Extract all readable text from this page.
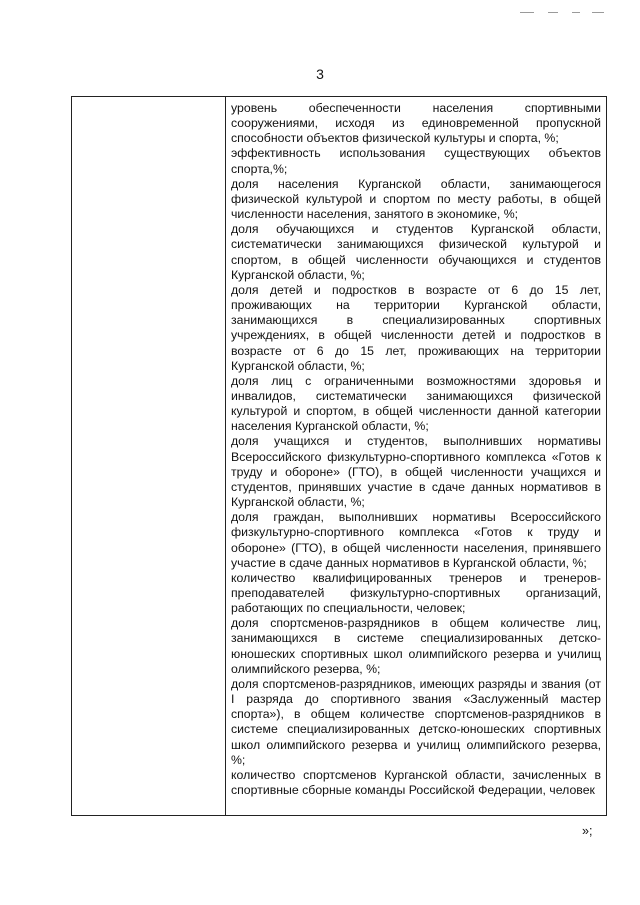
3

уровень обеспеченности населения спортивными сооружениями, исходя из единовременной пропускной способности объектов физической культуры и спорта, %;

эффективность использования существующих объектов спорта,%;

доля населения Курганской области, занимающегося физической культурой и спортом по месту работы, в общей численности населения, занятого в экономике, %;

доля обучающихся и студентов Курганской области, систематически занимающихся физической культурой и спортом, в общей численности обучающихся и студентов Курганской области, %;

доля детей и подростков в возрасте от 6 до 15 лет, проживающих на территории Курганской области, занимающихся в специализированных спортивных учреждениях, в общей численности детей и подростков в возрасте от 6 до 15 лет, проживающих на территории Курганской области, %;

доля лиц с ограниченными возможностями здоровья и инвалидов, систематически занимающихся физической культурой и спортом, в общей численности данной категории населения Курганской области, %;

доля учащихся и студентов, выполнивших нормативы Всероссийского физкультурно-спортивного комплекса «Готов к труду и обороне» (ГТО), в общей численности учащихся и студентов, принявших участие в сдаче данных нормативов в Курганской области, %;

доля граждан, выполнивших нормативы Всероссийского физкультурно-спортивного комплекса «Готов к труду и обороне» (ГТО), в общей численности населения, принявшего участие в сдаче данных нормативов в Курганской области, %;

количество квалифицированных тренеров и тренеров-преподавателей физкультурно-спортивных организаций, работающих по специальности, человек;

доля спортсменов-разрядников в общем количестве лиц, занимающихся в системе специализированных детско-юношеских спортивных школ олимпийского резерва и училищ олимпийского резерва, %;

доля спортсменов-разрядников, имеющих разряды и звания (от I разряда до спортивного звания «Заслуженный мастер спорта»), в общем количестве спортсменов-разрядников в системе специализированных детско-юношеских спортивных школ олимпийского резерва и училищ олимпийского резерва, %;

количество спортсменов Курганской области, зачисленных в спортивные сборные команды Российской Федерации, человек

»;
